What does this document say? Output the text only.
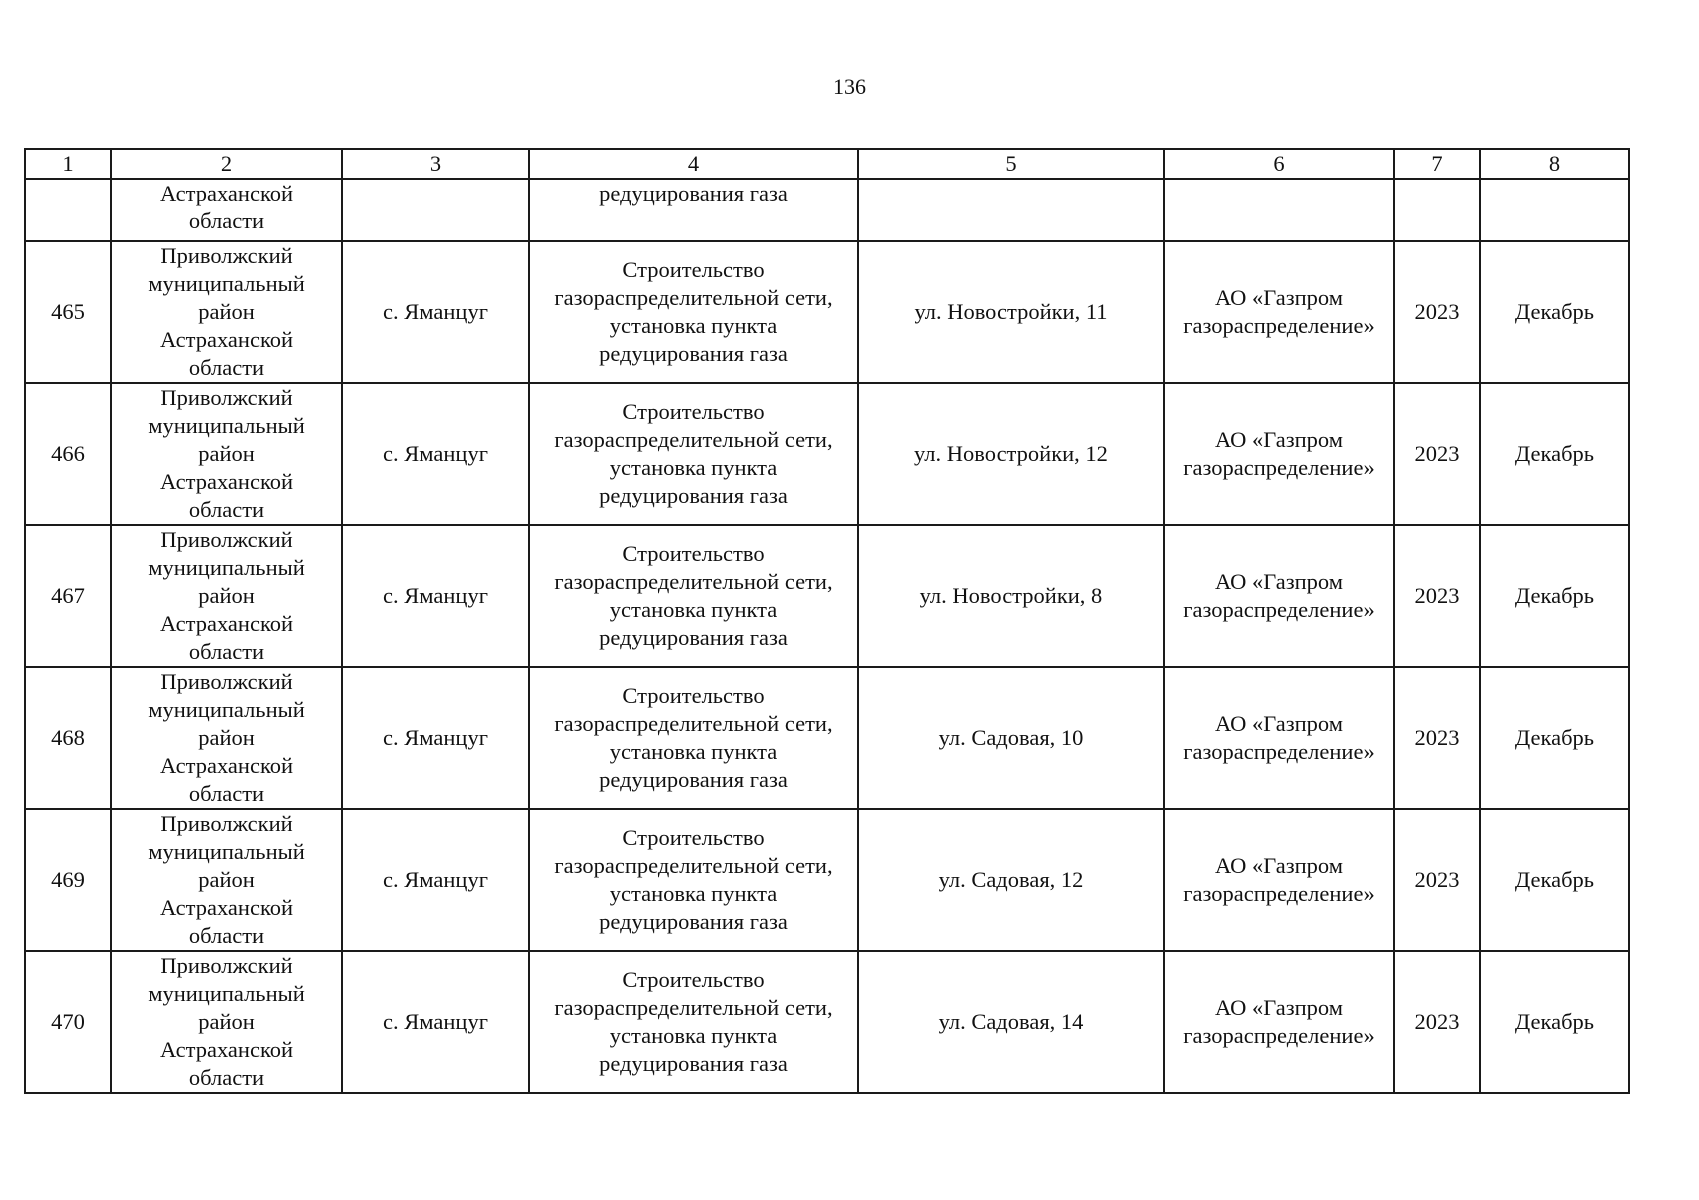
136
1	2	3	4	5	6	7	8

	Астраханской
области		редуцирования газа				

465	Приволжский
муниципальный
район
Астраханской
области	с. Яманцуг	Строительство
газораспределительной сети,
установка пункта
редуцирования газа	ул. Новостройки, 11	АО «Газпром
газораспределение»	2023	Декабрь
466	Приволжский
муниципальный
район
Астраханской
области	с. Яманцуг	Строительство
газораспределительной сети,
установка пункта
редуцирования газа	ул. Новостройки, 12	АО «Газпром
газораспределение»	2023	Декабрь
467	Приволжский
муниципальный
район
Астраханской
области	с. Яманцуг	Строительство
газораспределительной сети,
установка пункта
редуцирования газа	ул. Новостройки, 8	АО «Газпром
газораспределение»	2023	Декабрь
468	Приволжский
муниципальный
район
Астраханской
области	с. Яманцуг	Строительство
газораспределительной сети,
установка пункта
редуцирования газа	ул. Садовая, 10	АО «Газпром
газораспределение»	2023	Декабрь
469	Приволжский
муниципальный
район
Астраханской
области	с. Яманцуг	Строительство
газораспределительной сети,
установка пункта
редуцирования газа	ул. Садовая, 12	АО «Газпром
газораспределение»	2023	Декабрь
470	Приволжский
муниципальный
район
Астраханской
области	с. Яманцуг	Строительство
газораспределительной сети,
установка пункта
редуцирования газа	ул. Садовая, 14	АО «Газпром
газораспределение»	2023	Декабрь
